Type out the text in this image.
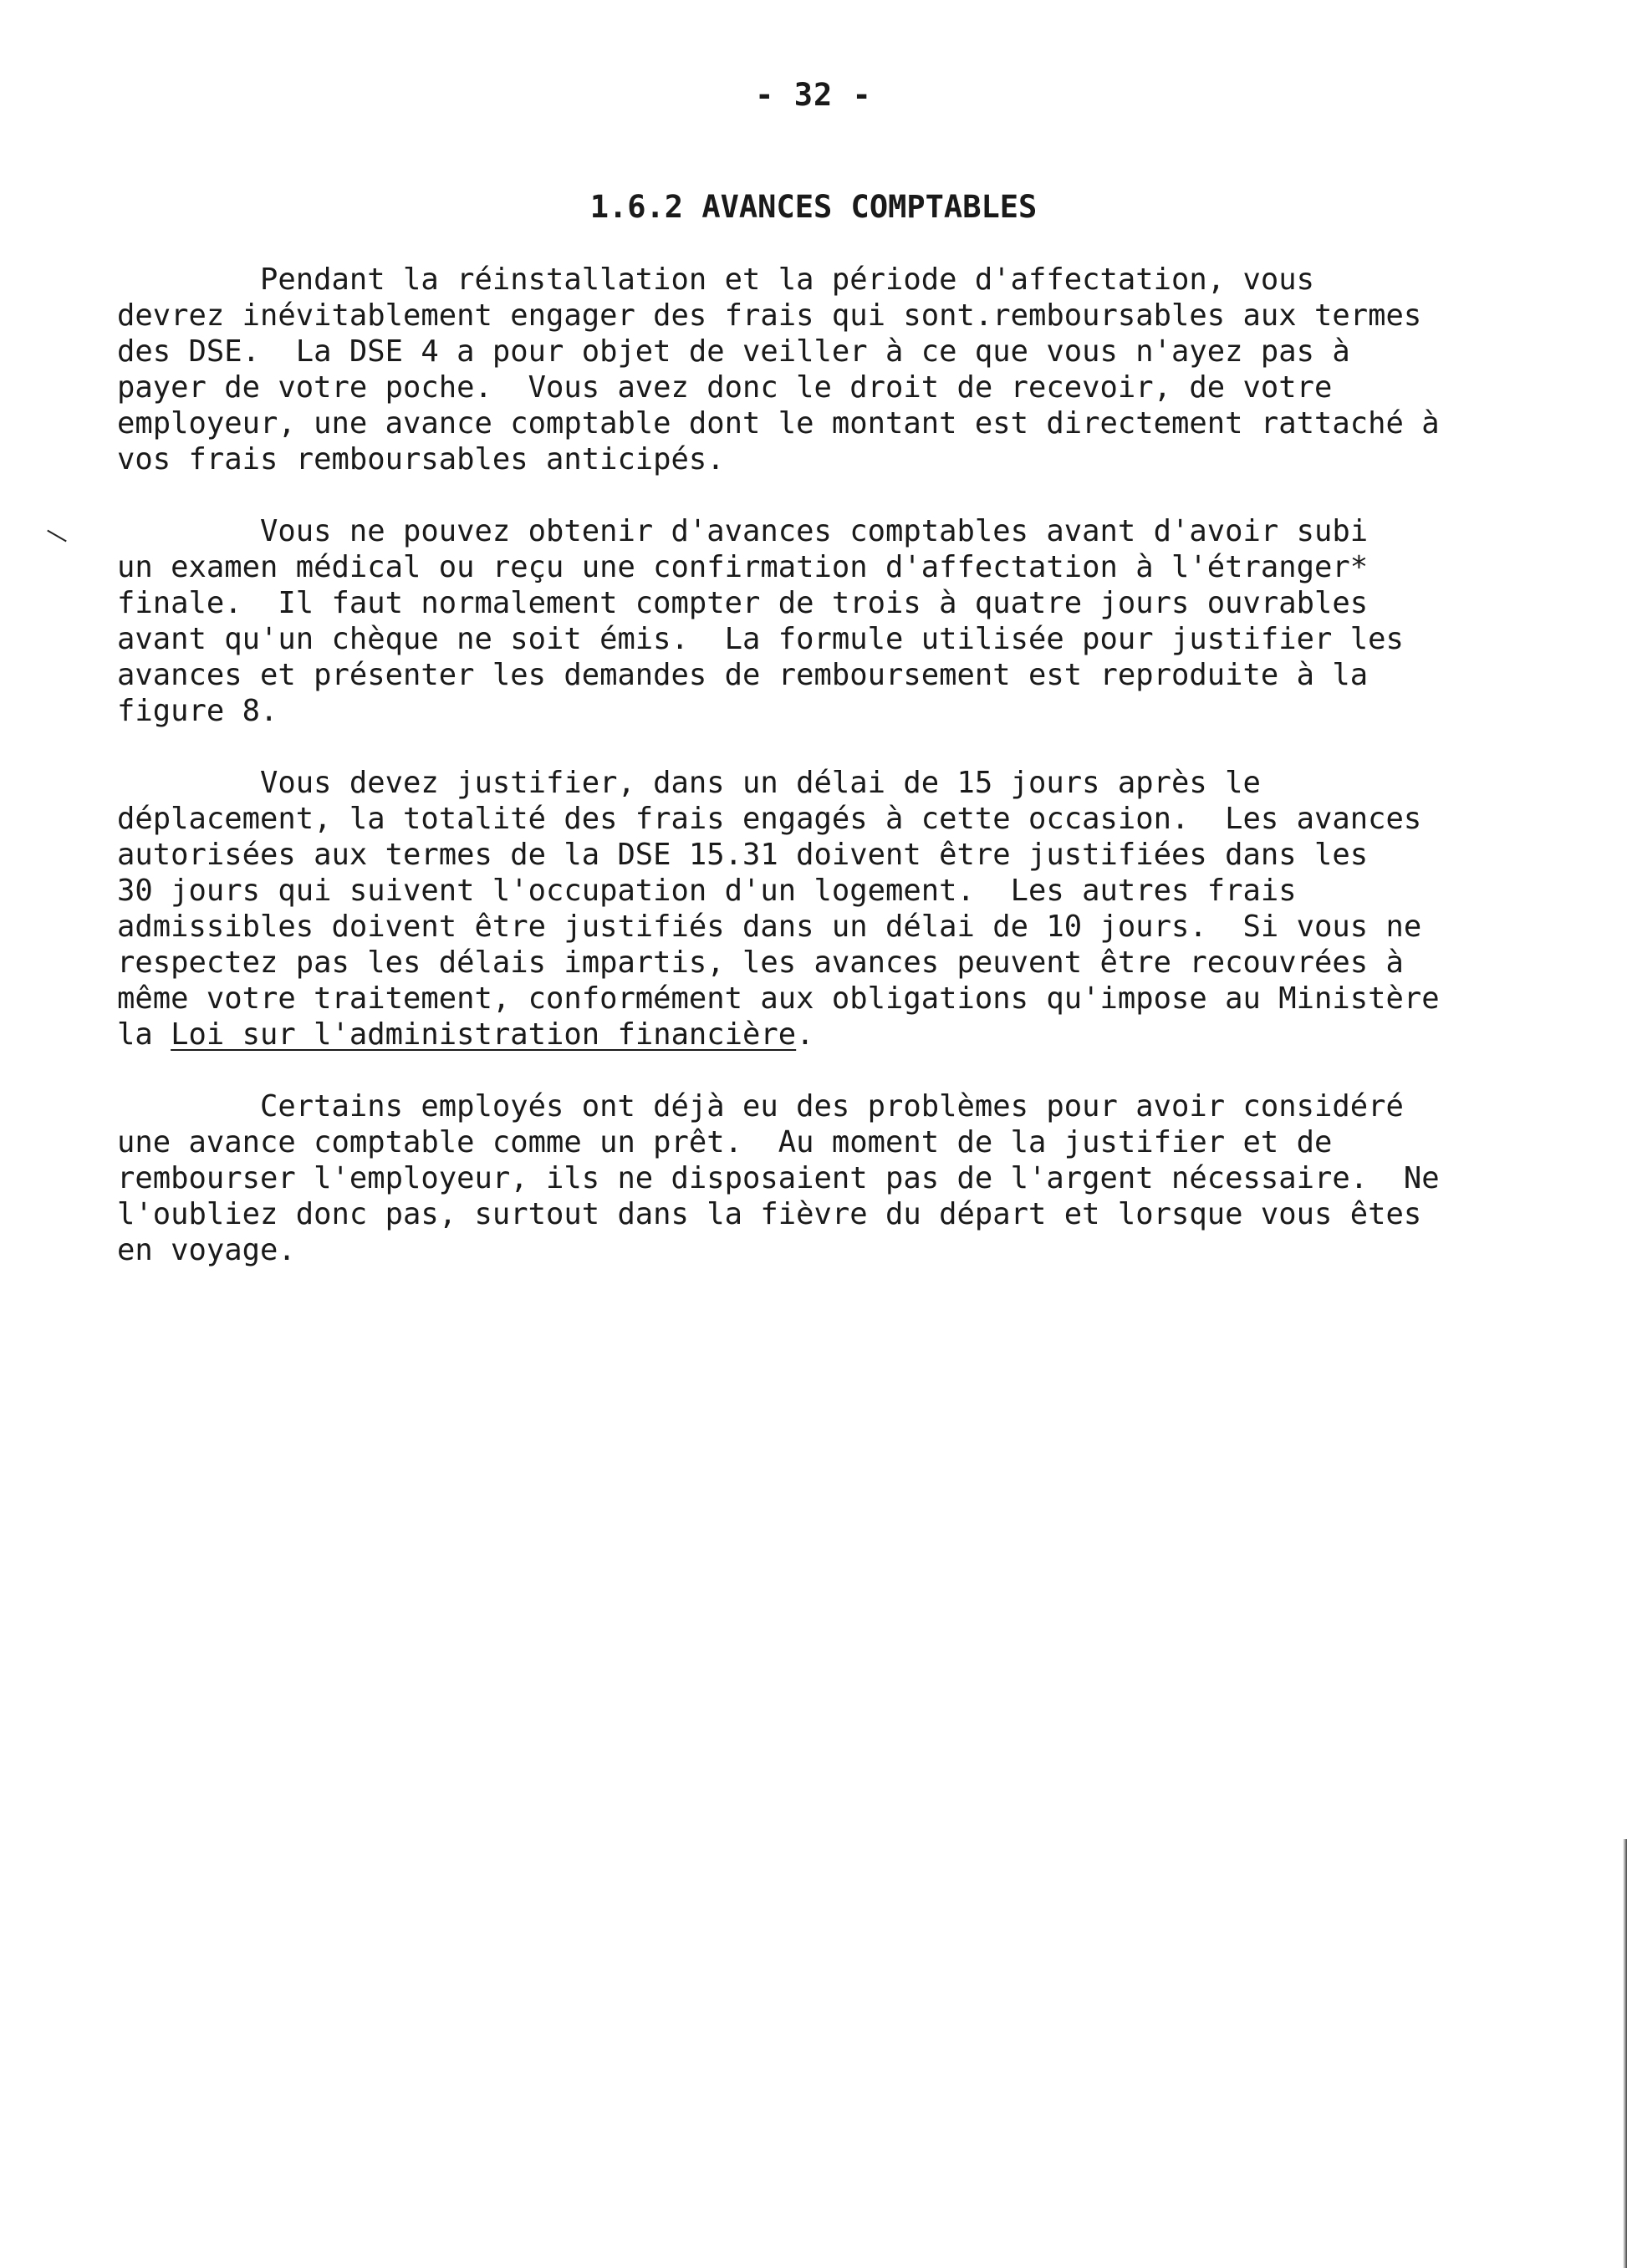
- 32 -
1.6.2 AVANCES COMPTABLES
Pendant la réinstallation et la période d'affectation, vous
devrez inévitablement engager des frais qui sont.remboursables aux termes
des DSE.  La DSE 4 a pour objet de veiller à ce que vous n'ayez pas à
payer de votre poche.  Vous avez donc le droit de recevoir, de votre
employeur, une avance comptable dont le montant est directement rattaché à
vos frais remboursables anticipés.
Vous ne pouvez obtenir d'avances comptables avant d'avoir subi
un examen médical ou reçu une confirmation d'affectation à l'étranger*
finale.  Il faut normalement compter de trois à quatre jours ouvrables
avant qu'un chèque ne soit émis.  La formule utilisée pour justifier les
avances et présenter les demandes de remboursement est reproduite à la
figure 8.
Vous devez justifier, dans un délai de 15 jours après le
déplacement, la totalité des frais engagés à cette occasion.  Les avances
autorisées aux termes de la DSE 15.31 doivent être justifiées dans les
30 jours qui suivent l'occupation d'un logement.  Les autres frais
admissibles doivent être justifiés dans un délai de 10 jours.  Si vous ne
respectez pas les délais impartis, les avances peuvent être recouvrées à
même votre traitement, conformément aux obligations qu'impose au Ministère
la Loi sur l'administration financière.
Certains employés ont déjà eu des problèmes pour avoir considéré
une avance comptable comme un prêt.  Au moment de la justifier et de
rembourser l'employeur, ils ne disposaient pas de l'argent nécessaire.  Ne
l'oubliez donc pas, surtout dans la fièvre du départ et lorsque vous êtes
en voyage.
